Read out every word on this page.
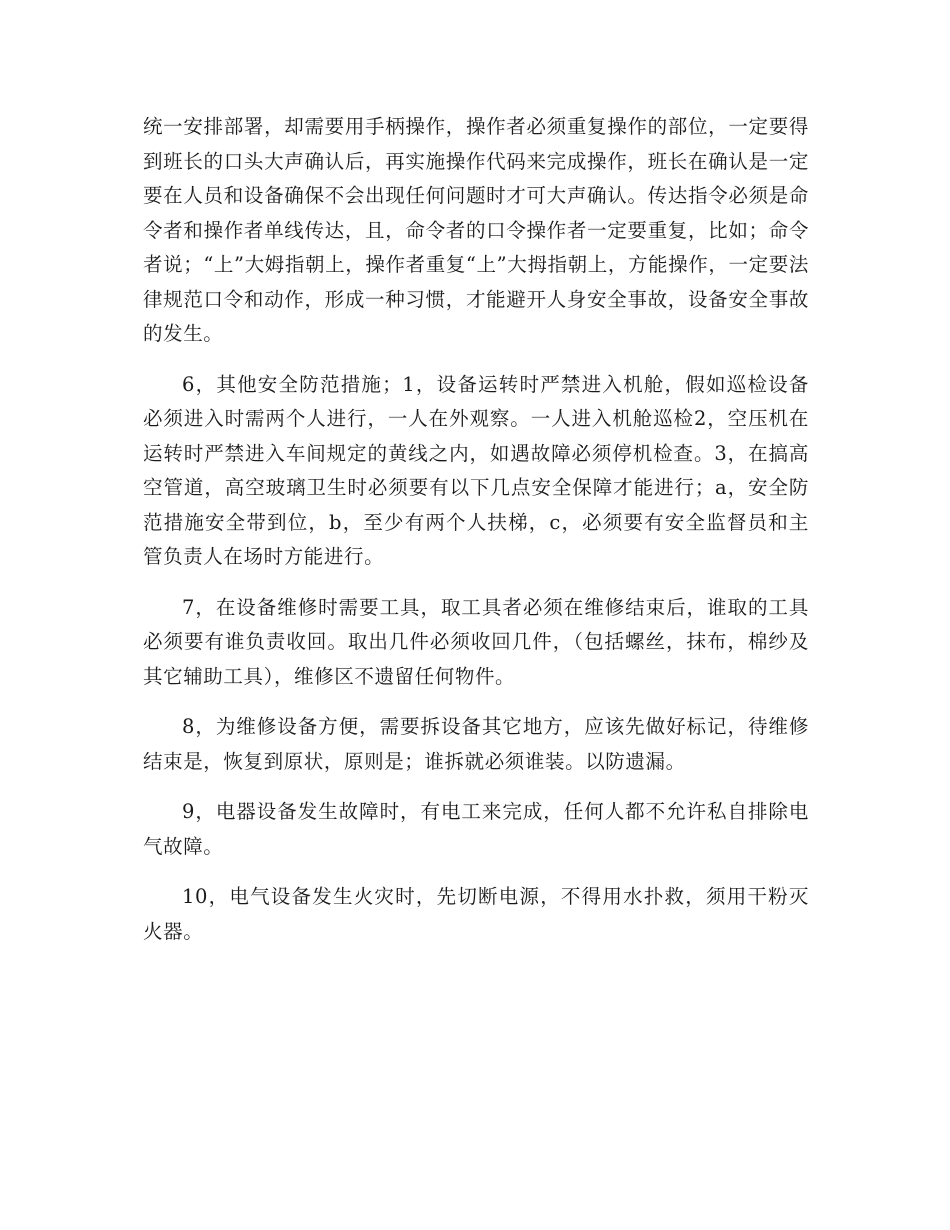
统一安排部署，却需要用手柄操作，操作者必须重复操作的部位，一定要得到班长的口头大声确认后，再实施操作代码来完成操作，班长在确认是一定要在人员和设备确保不会出现任何问题时才可大声确认。传达指令必须是命令者和操作者单线传达，且，命令者的口令操作者一定要重复，比如；命令者说；“上”大姆指朝上，操作者重复“上”大拇指朝上，方能操作，一定要法律规范口令和动作，形成一种习惯，才能避开人身安全事故，设备安全事故的发生。

6，其他安全防范措施；1，设备运转时严禁进入机舱，假如巡检设备必须进入时需两个人进行，一人在外观察。一人进入机舱巡检2，空压机在运转时严禁进入车间规定的黄线之内，如遇故障必须停机检查。3，在搞高空管道，高空玻璃卫生时必须要有以下几点安全保障才能进行；a，安全防范措施安全带到位，b，至少有两个人扶梯，c，必须要有安全监督员和主管负责人在场时方能进行。

7，在设备维修时需要工具，取工具者必须在维修结束后，谁取的工具必须要有谁负责收回。取出几件必须收回几件，（包括螺丝，抹布，棉纱及其它辅助工具），维修区不遗留任何物件。

8，为维修设备方便，需要拆设备其它地方，应该先做好标记，待维修结束是，恢复到原状，原则是；谁拆就必须谁装。以防遗漏。

9，电器设备发生故障时，有电工来完成，任何人都不允许私自排除电气故障。

10，电气设备发生火灾时，先切断电源，不得用水扑救，须用干粉灭火器。
